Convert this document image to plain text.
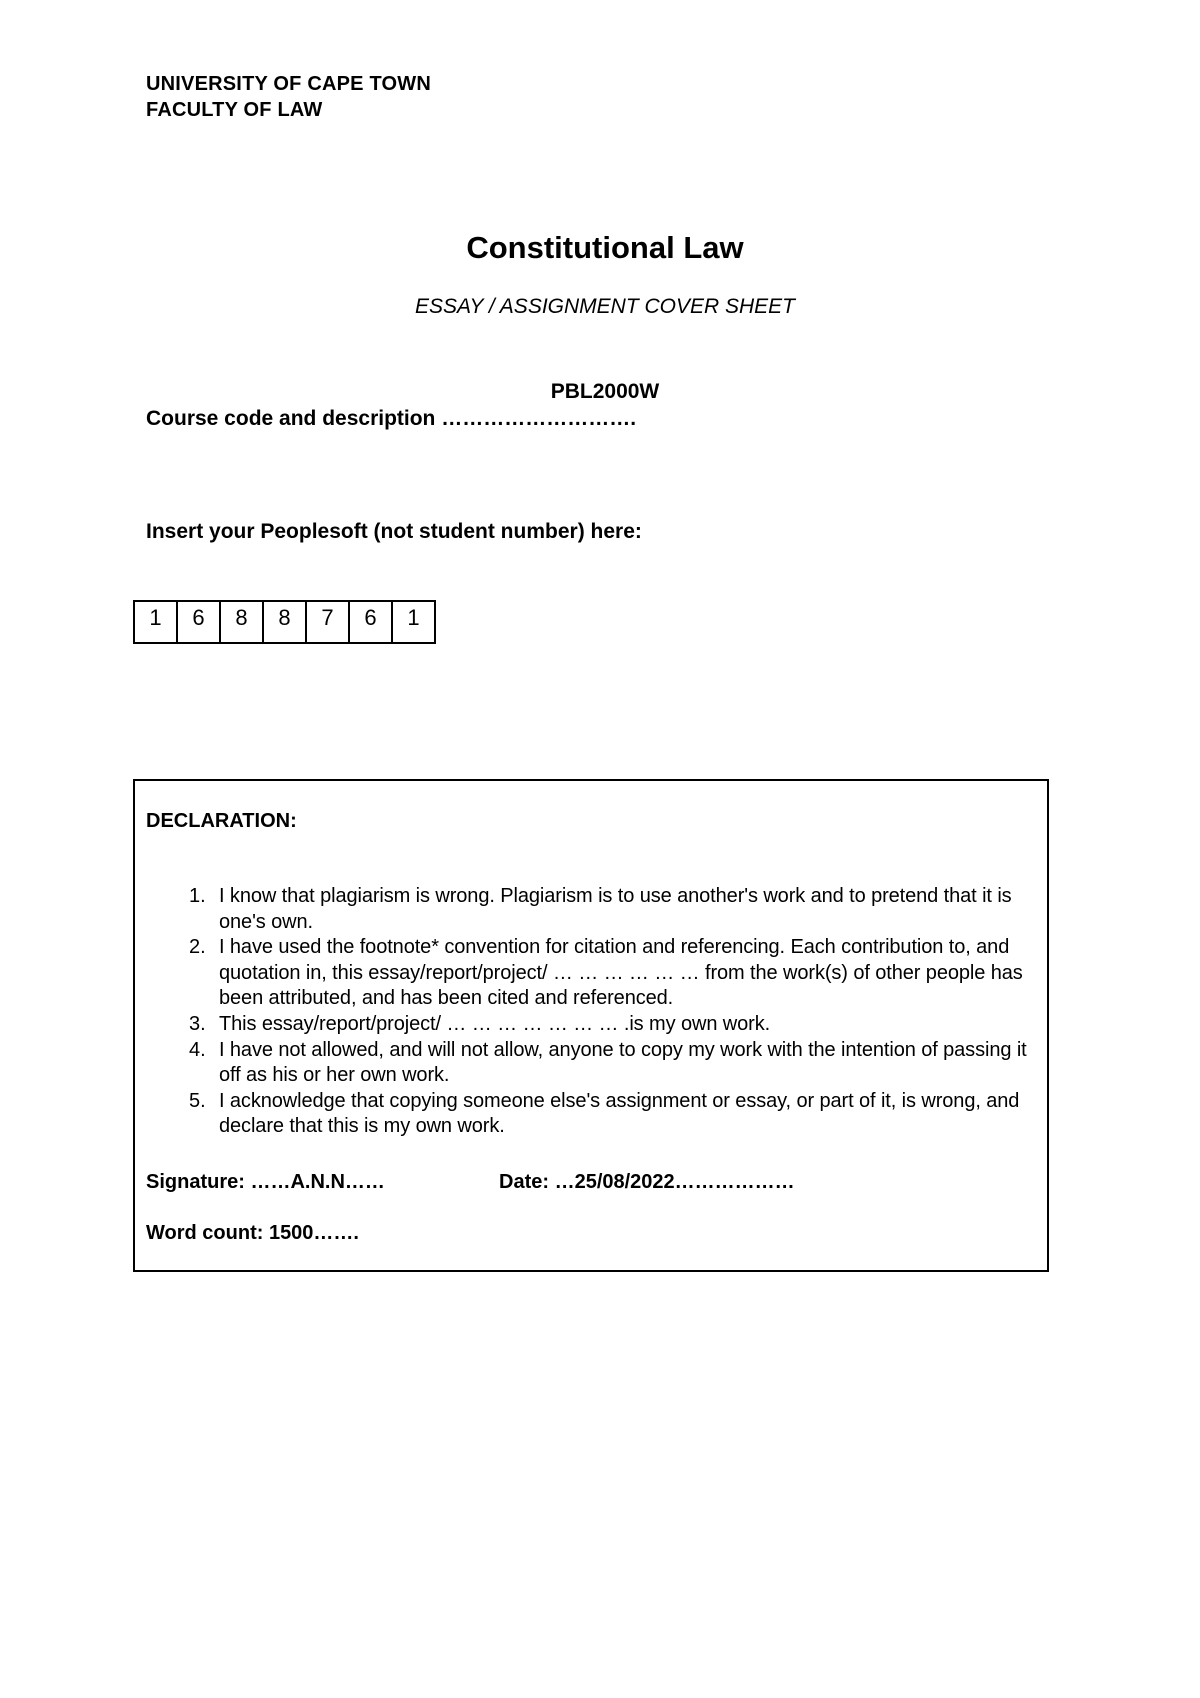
UNIVERSITY OF CAPE TOWN
FACULTY OF LAW
Constitutional Law
ESSAY / ASSIGNMENT COVER SHEET
PBL2000W
Course code and description ……………………….
Insert your Peoplesoft (not student number) here:
1	6	8	8	7	6	1
DECLARATION:
1. I know that plagiarism is wrong. Plagiarism is to use another's work and to pretend that it is one's own.
2. I have used the footnote* convention for citation and referencing. Each contribution to, and quotation in, this essay/report/project/ … … … … … … from the work(s) of other people has been attributed, and has been cited and referenced.
3. This essay/report/project/ … … … … … … … .is my own work.
4. I have not allowed, and will not allow, anyone to copy my work with the intention of passing it off as his or her own work.
5. I acknowledge that copying someone else's assignment or essay, or part of it, is wrong, and declare that this is my own work.
Signature: ……A.N.N……	Date: …25/08/2022………………
Word count: 1500…….
